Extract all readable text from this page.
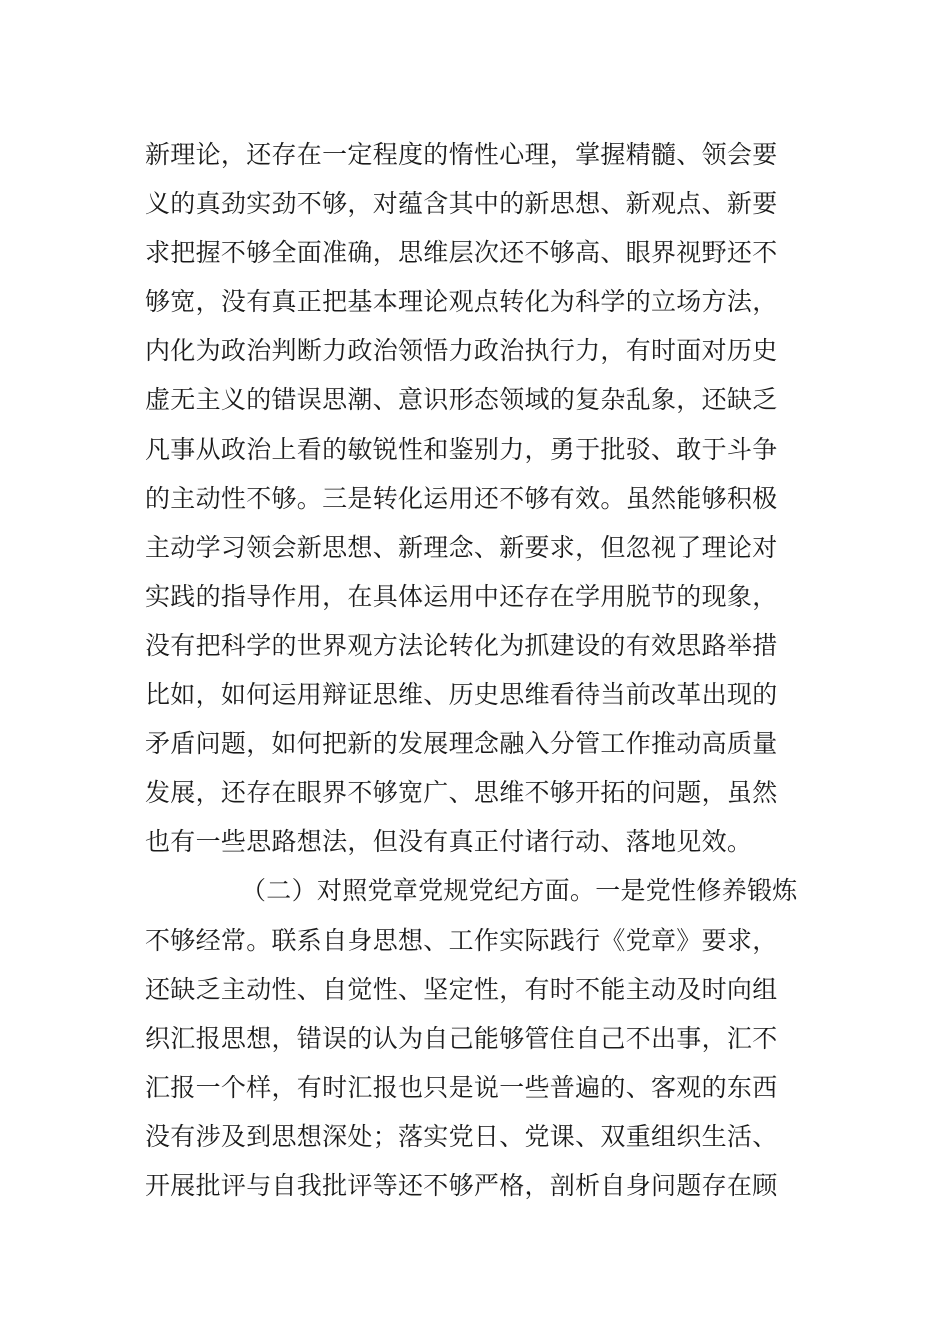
新理论，还存在一定程度的惰性心理，掌握精髓、领会要
义的真劲实劲不够，对蕴含其中的新思想、新观点、新要
求把握不够全面准确，思维层次还不够高、眼界视野还不
够宽，没有真正把基本理论观点转化为科学的立场方法，
内化为政治判断力政治领悟力政治执行力，有时面对历史
虚无主义的错误思潮、意识形态领域的复杂乱象，还缺乏
凡事从政治上看的敏锐性和鉴别力，勇于批驳、敢于斗争
的主动性不够。三是转化运用还不够有效。虽然能够积极
主动学习领会新思想、新理念、新要求，但忽视了理论对
实践的指导作用，在具体运用中还存在学用脱节的现象，
没有把科学的世界观方法论转化为抓建设的有效思路举措
比如，如何运用辩证思维、历史思维看待当前改革出现的
矛盾问题，如何把新的发展理念融入分管工作推动高质量
发展，还存在眼界不够宽广、思维不够开拓的问题，虽然
也有一些思路想法，但没有真正付诸行动、落地见效。
（二）对照党章党规党纪方面。一是党性修养锻炼
不够经常。联系自身思想、工作实际践行《党章》要求，
还缺乏主动性、自觉性、坚定性，有时不能主动及时向组
织汇报思想，错误的认为自己能够管住自己不出事，汇不
汇报一个样，有时汇报也只是说一些普遍的、客观的东西
没有涉及到思想深处；落实党日、党课、双重组织生活、
开展批评与自我批评等还不够严格，剖析自身问题存在顾
